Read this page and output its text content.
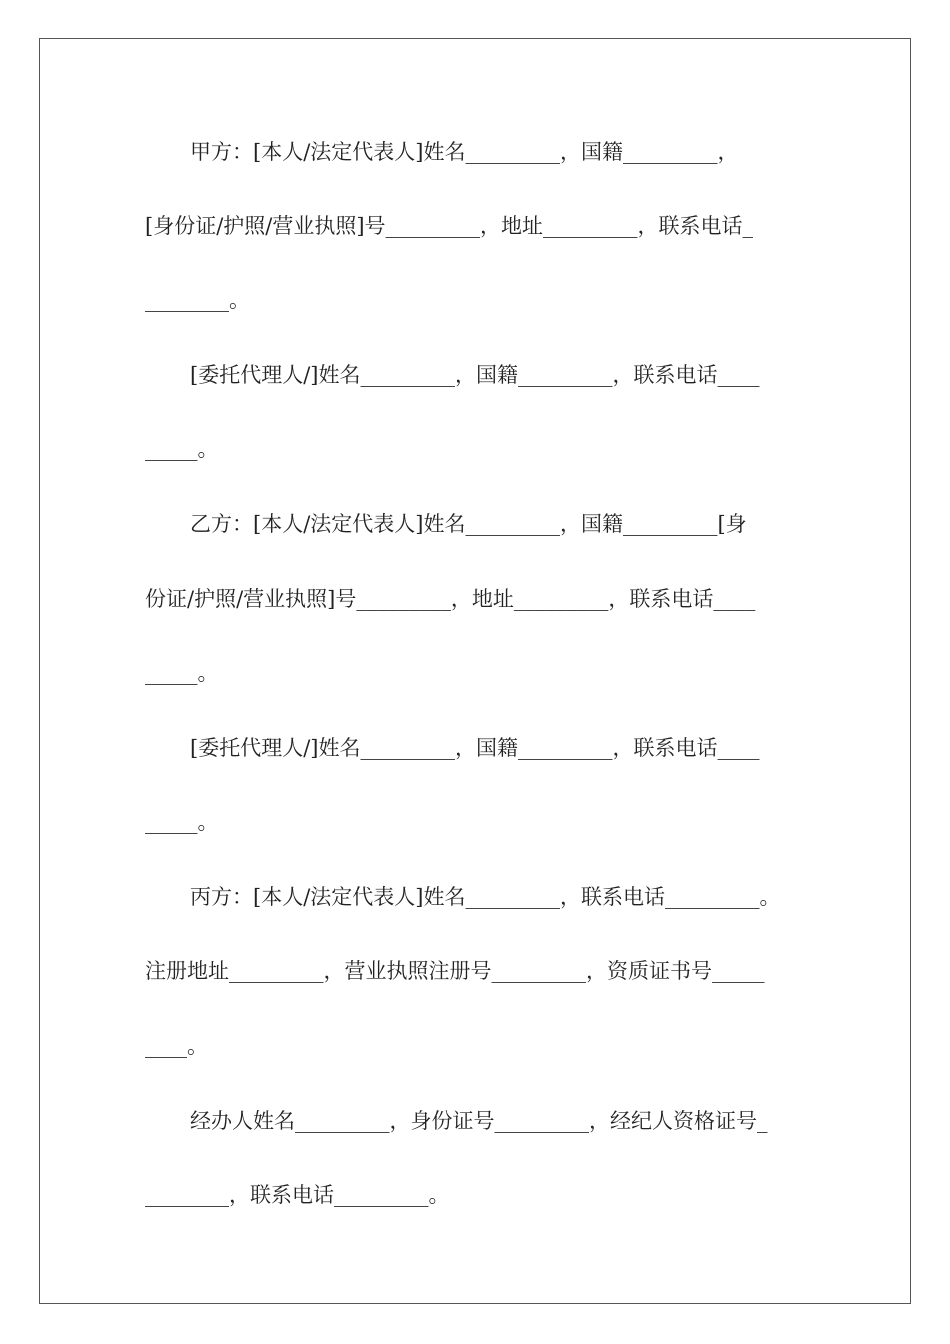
甲方：[本人/法定代表人]姓名_________，国籍_________，
[身份证/护照/营业执照]号_________，地址_________，联系电话_
________。
[委托代理人/]姓名_________，国籍_________，联系电话____
_____。
乙方：[本人/法定代表人]姓名_________，国籍_________[身
份证/护照/营业执照]号_________，地址_________，联系电话____
_____。
[委托代理人/]姓名_________，国籍_________，联系电话____
_____。
丙方：[本人/法定代表人]姓名_________，联系电话_________。
注册地址_________，营业执照注册号_________，资质证书号_____
____。
经办人姓名_________，身份证号_________，经纪人资格证号_
________，联系电话_________。
